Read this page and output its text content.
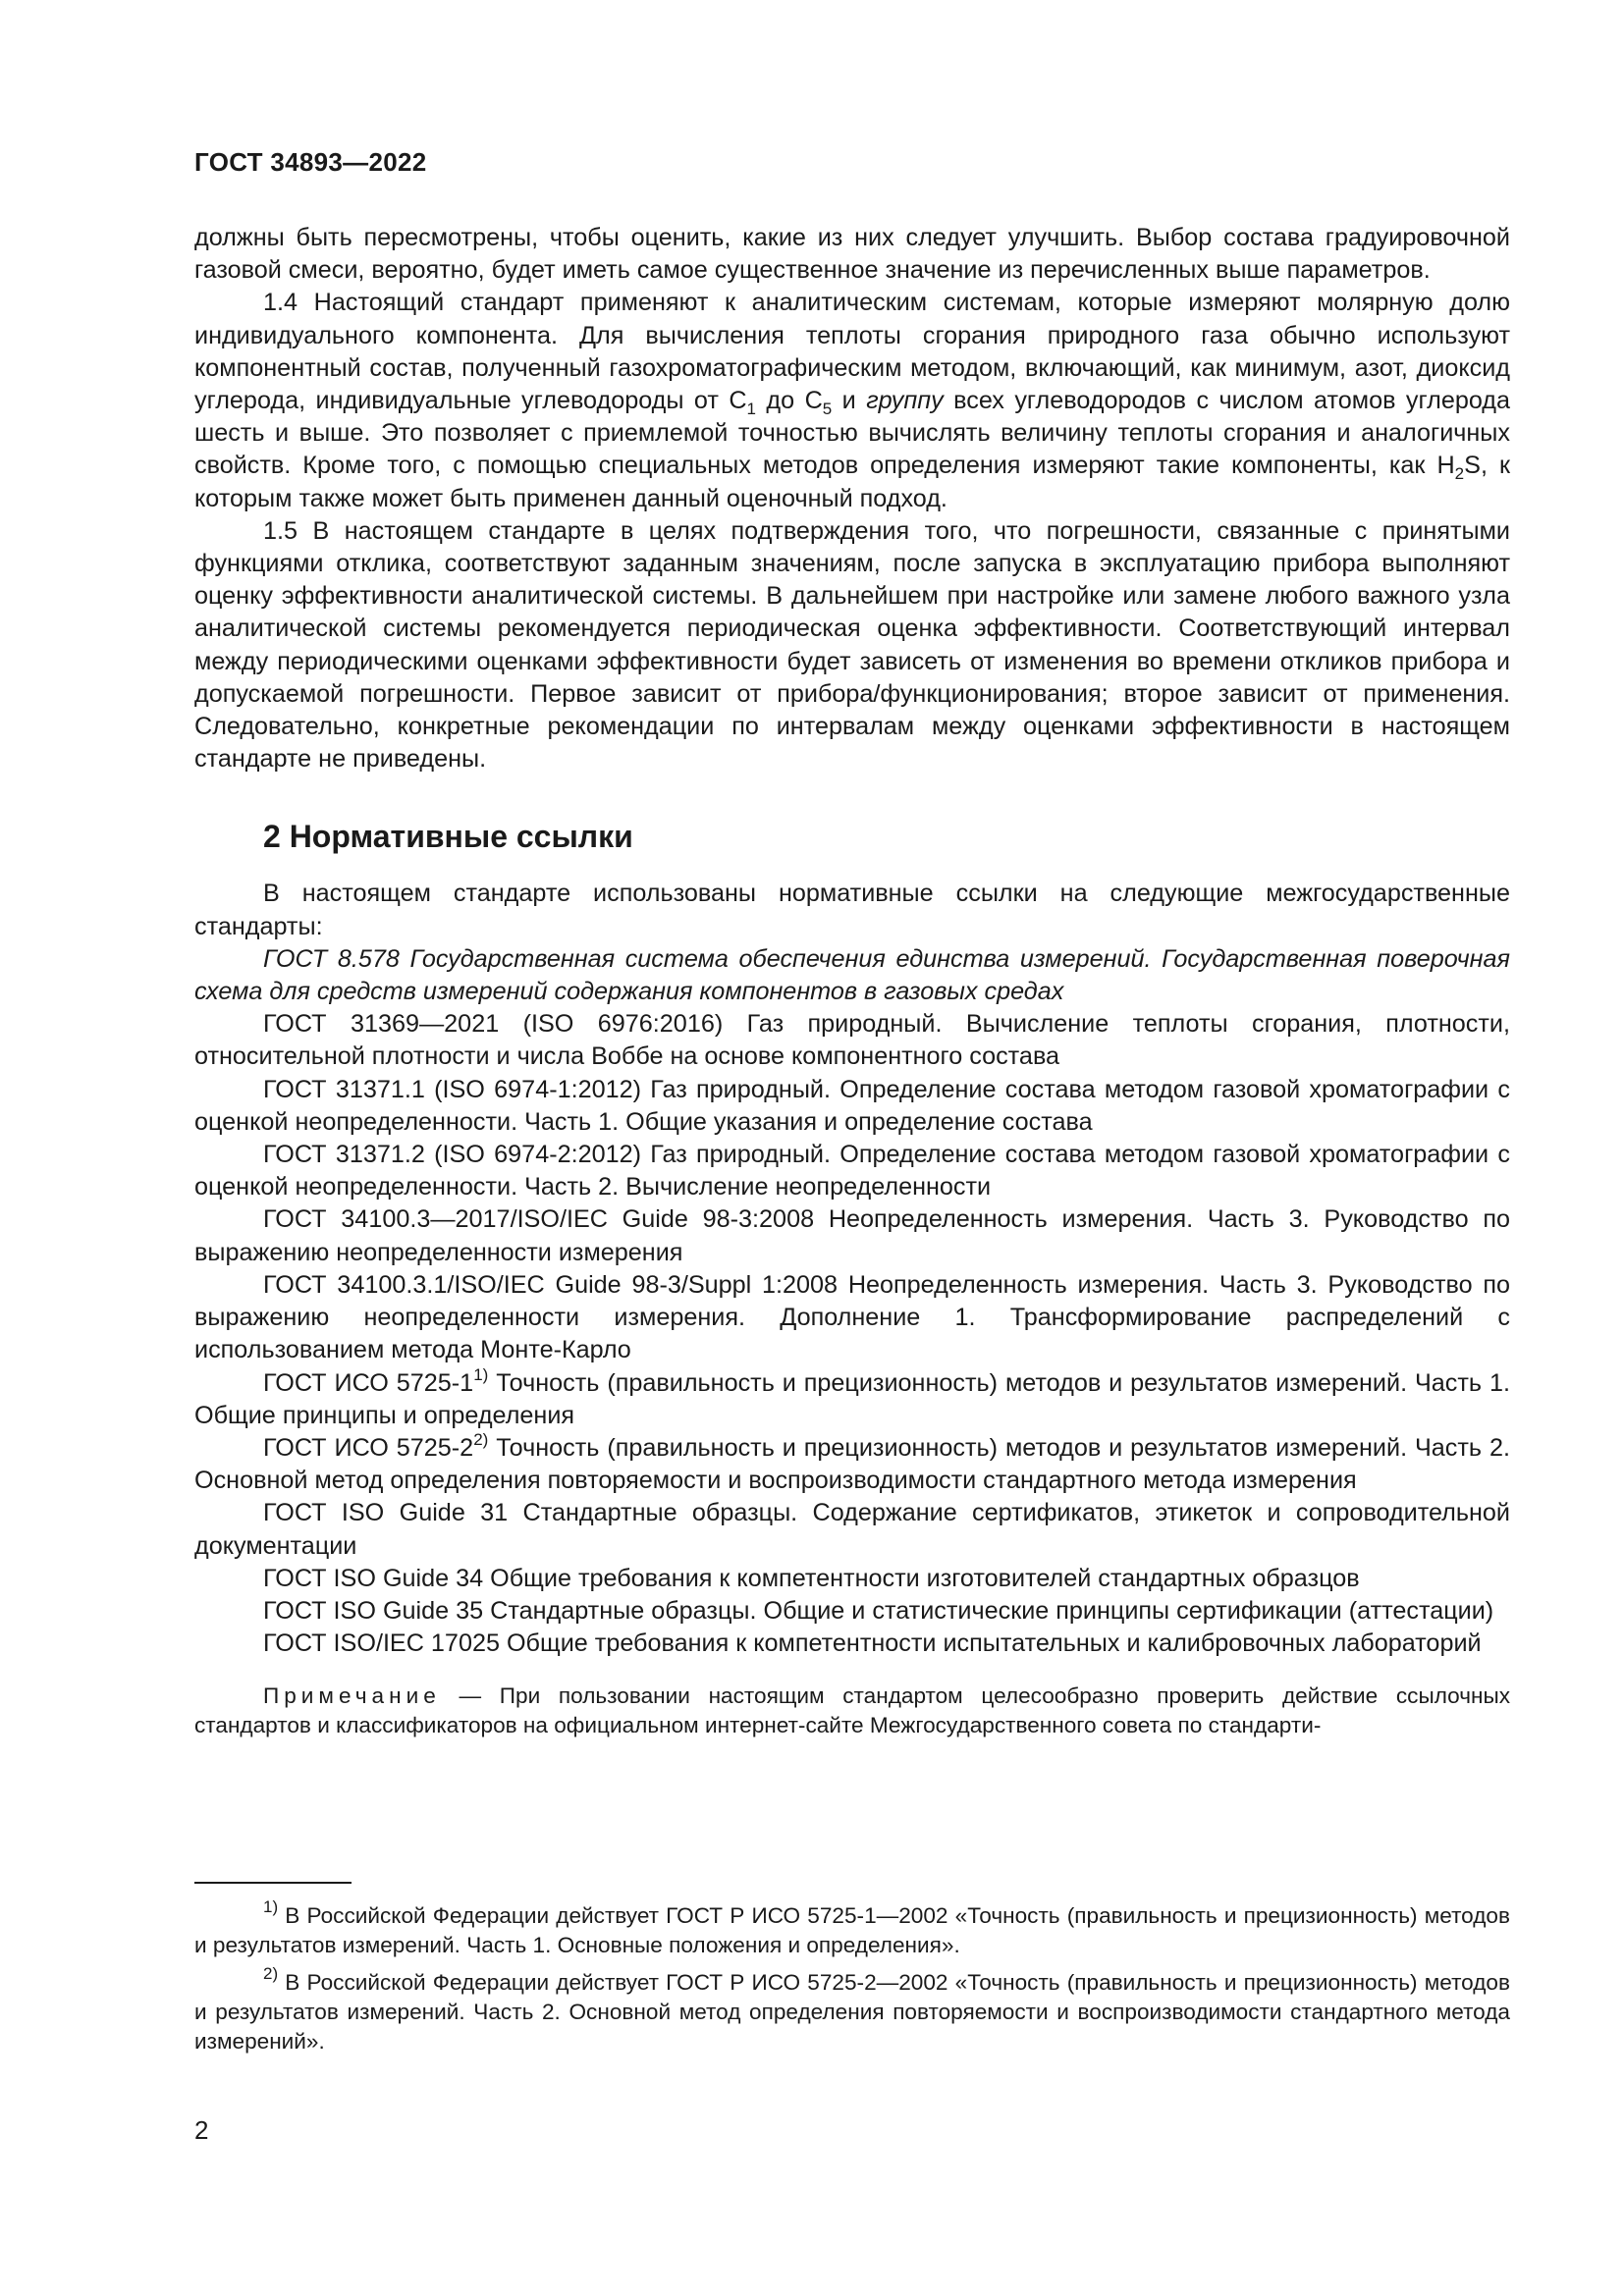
ГОСТ 34893—2022

должны быть пересмотрены, чтобы оценить, какие из них следует улучшить. Выбор состава градуировочной газовой смеси, вероятно, будет иметь самое существенное значение из перечисленных выше параметров.

1.4 Настоящий стандарт применяют к аналитическим системам, которые измеряют молярную долю индивидуального компонента. Для вычисления теплоты сгорания природного газа обычно используют компонентный состав, полученный газохроматографическим методом, включающий, как минимум, азот, диоксид углерода, индивидуальные углеводороды от $C_1$ до $C_5$ и группу всех углеводородов с числом атомов углерода шесть и выше. Это позволяет с приемлемой точностью вычислять величину теплоты сгорания и аналогичных свойств. Кроме того, с помощью специальных методов определения измеряют такие компоненты, как $H_2S$, к которым также может быть применен данный оценочный подход.

1.5 В настоящем стандарте в целях подтверждения того, что погрешности, связанные с принятыми функциями отклика, соответствуют заданным значениям, после запуска в эксплуатацию прибора выполняют оценку эффективности аналитической системы. В дальнейшем при настройке или замене любого важного узла аналитической системы рекомендуется периодическая оценка эффективности. Соответствующий интервал между периодическими оценками эффективности будет зависеть от изменения во времени откликов прибора и допускаемой погрешности. Первое зависит от прибора/функционирования; второе зависит от применения. Следовательно, конкретные рекомендации по интервалам между оценками эффективности в настоящем стандарте не приведены.

2 Нормативные ссылки

В настоящем стандарте использованы нормативные ссылки на следующие межгосударственные стандарты:

ГОСТ 8.578 Государственная система обеспечения единства измерений. Государственная поверочная схема для средств измерений содержания компонентов в газовых средах

ГОСТ 31369—2021 (ISO 6976:2016) Газ природный. Вычисление теплоты сгорания, плотности, относительной плотности и числа Воббе на основе компонентного состава

ГОСТ 31371.1 (ISO 6974-1:2012) Газ природный. Определение состава методом газовой хроматографии с оценкой неопределенности. Часть 1. Общие указания и определение состава

ГОСТ 31371.2 (ISO 6974-2:2012) Газ природный. Определение состава методом газовой хроматографии с оценкой неопределенности. Часть 2. Вычисление неопределенности

ГОСТ 34100.3—2017/ISO/IEC Guide 98-3:2008 Неопределенность измерения. Часть 3. Руководство по выражению неопределенности измерения

ГОСТ 34100.3.1/ISO/IEC Guide 98-3/Suppl 1:2008 Неопределенность измерения. Часть 3. Руководство по выражению неопределенности измерения. Дополнение 1. Трансформирование распределений с использованием метода Монте-Карло

ГОСТ ИСО 5725-1$^{1)}$ Точность (правильность и прецизионность) методов и результатов измерений. Часть 1. Общие принципы и определения

ГОСТ ИСО 5725-2$^{2)}$ Точность (правильность и прецизионность) методов и результатов измерений. Часть 2. Основной метод определения повторяемости и воспроизводимости стандартного метода измерения

ГОСТ ISO Guide 31 Стандартные образцы. Содержание сертификатов, этикеток и сопроводительной документации

ГОСТ ISO Guide 34 Общие требования к компетентности изготовителей стандартных образцов

ГОСТ ISO Guide 35 Стандартные образцы. Общие и статистические принципы сертификации (аттестации)

ГОСТ ISO/IEC 17025 Общие требования к компетентности испытательных и калибровочных лабораторий

Примечание — При пользовании настоящим стандартом целесообразно проверить действие ссылочных стандартов и классификаторов на официальном интернет-сайте Межгосударственного совета по стандарти-

$^{1)}$ В Российской Федерации действует ГОСТ Р ИСО 5725-1—2002 «Точность (правильность и прецизионность) методов и результатов измерений. Часть 1. Основные положения и определения».

$^{2)}$ В Российской Федерации действует ГОСТ Р ИСО 5725-2—2002 «Точность (правильность и прецизионность) методов и результатов измерений. Часть 2. Основной метод определения повторяемости и воспроизводимости стандартного метода измерений».

2
